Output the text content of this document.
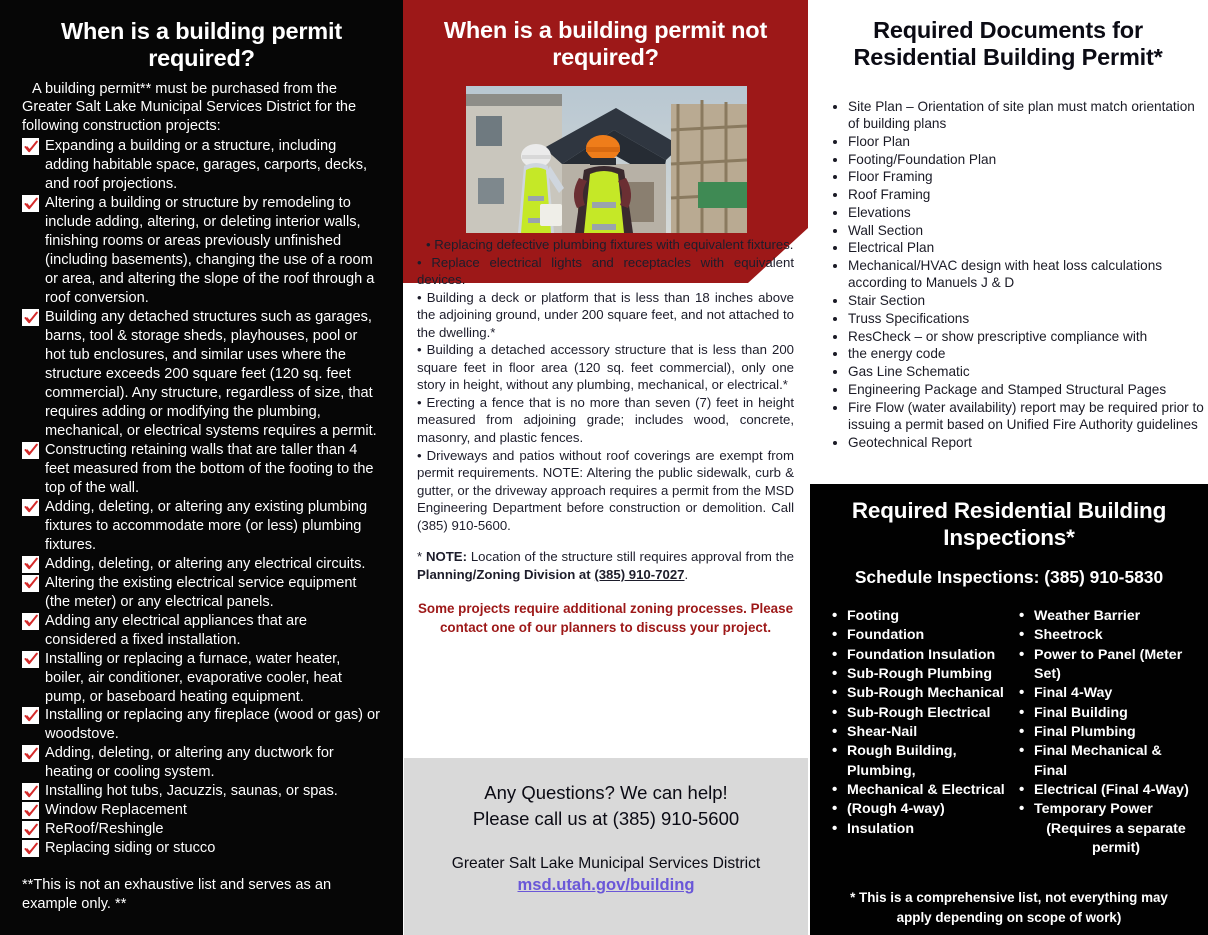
When is a building permit required?

A building permit** must be purchased from the Greater Salt Lake Municipal Services District for the following construction projects:

Expanding a building or a structure, including adding habitable space, garages, carports, decks, and roof projections.
Altering a building or structure by remodeling to include adding, altering, or deleting interior walls, finishing rooms or areas previously unfinished (including basements), changing the use of a room or area, and altering the slope of the roof through a roof conversion.
Building any detached structures such as garages, barns, tool & storage sheds, playhouses, pool or hot tub enclosures, and similar uses where the structure exceeds 200 square feet (120 sq. feet commercial). Any structure, regardless of size, that requires adding or modifying the plumbing, mechanical, or electrical systems requires a permit.
Constructing retaining walls that are taller than 4 feet measured from the bottom of the footing to the top of the wall.
Adding, deleting, or altering any existing plumbing fixtures to accommodate more (or less) plumbing fixtures.
Adding, deleting, or altering any electrical circuits.
Altering the existing electrical service equipment (the meter) or any electrical panels.
Adding any electrical appliances that are considered a fixed installation.
Installing or replacing a furnace, water heater, boiler, air conditioner, evaporative cooler, heat pump, or baseboard heating equipment.
Installing or replacing any fireplace (wood or gas) or woodstove.
Adding, deleting, or altering any ductwork for heating or cooling system.
Installing hot tubs, Jacuzzis, saunas, or spas.
Window Replacement
ReRoof/Reshingle
Replacing siding or stucco

**This is not an exhaustive list and serves as an example only. **

When is a building permit not required?

• Replacing defective plumbing fixtures with equivalent fixtures.

• Replace electrical lights and receptacles with equivalent devices.

• Building a deck or platform that is less than 18 inches above the adjoining ground, under 200 square feet, and not attached to the dwelling.*

• Building a detached accessory structure that is less than 200 square feet in floor area (120 sq. feet commercial), only one story in height, without any plumbing, mechanical, or electrical.*

• Erecting a fence that is no more than seven (7) feet in height measured from adjoining grade; includes wood, concrete, masonry, and plastic fences.

• Driveways and patios without roof coverings are exempt from permit requirements. NOTE: Altering the public sidewalk, curb & gutter, or the driveway approach requires a permit from the MSD Engineering Department before construction or demolition. Call (385) 910-5600.

* NOTE: Location of the structure still requires approval from the Planning/Zoning Division at (385) 910-7027.

Some projects require additional zoning processes. Please contact one of our planners to discuss your project.

Any Questions? We can help!
Please call us at (385) 910-5600
Greater Salt Lake Municipal Services District
msd.utah.gov/building
Required Documents for Residential Building Permit*
• Site Plan – Orientation of site plan must match orientation of building plans
• Floor Plan
• Footing/Foundation Plan
• Floor Framing
• Roof Framing
• Elevations
• Wall Section
• Electrical Plan
• Mechanical/HVAC design with heat loss calculations according to Manuels J & D
• Stair Section
• Truss Specifications
• ResCheck – or show prescriptive compliance with
• the energy code
• Gas Line Schematic
• Engineering Package and Stamped Structural Pages
• Fire Flow (water availability) report may be required prior to issuing a permit based on Unified Fire Authority guidelines
• Geotechnical Report
Required Residential Building Inspections*
Schedule Inspections: (385) 910-5830
• Footing
• Foundation
• Foundation Insulation
• Sub-Rough Plumbing
• Sub-Rough Mechanical
• Sub-Rough Electrical
• Shear-Nail
• Rough Building, Plumbing,
• Mechanical & Electrical
• (Rough 4-way)
• Insulation
• Weather Barrier
• Sheetrock
• Power to Panel (Meter
Set)
• Final 4-Way
• Final Building
• Final Plumbing
• Final Mechanical & Final
• Electrical (Final 4-Way)
• Temporary Power
(Requires a separate permit)
* This is a comprehensive list, not everything may apply depending on scope of work)
